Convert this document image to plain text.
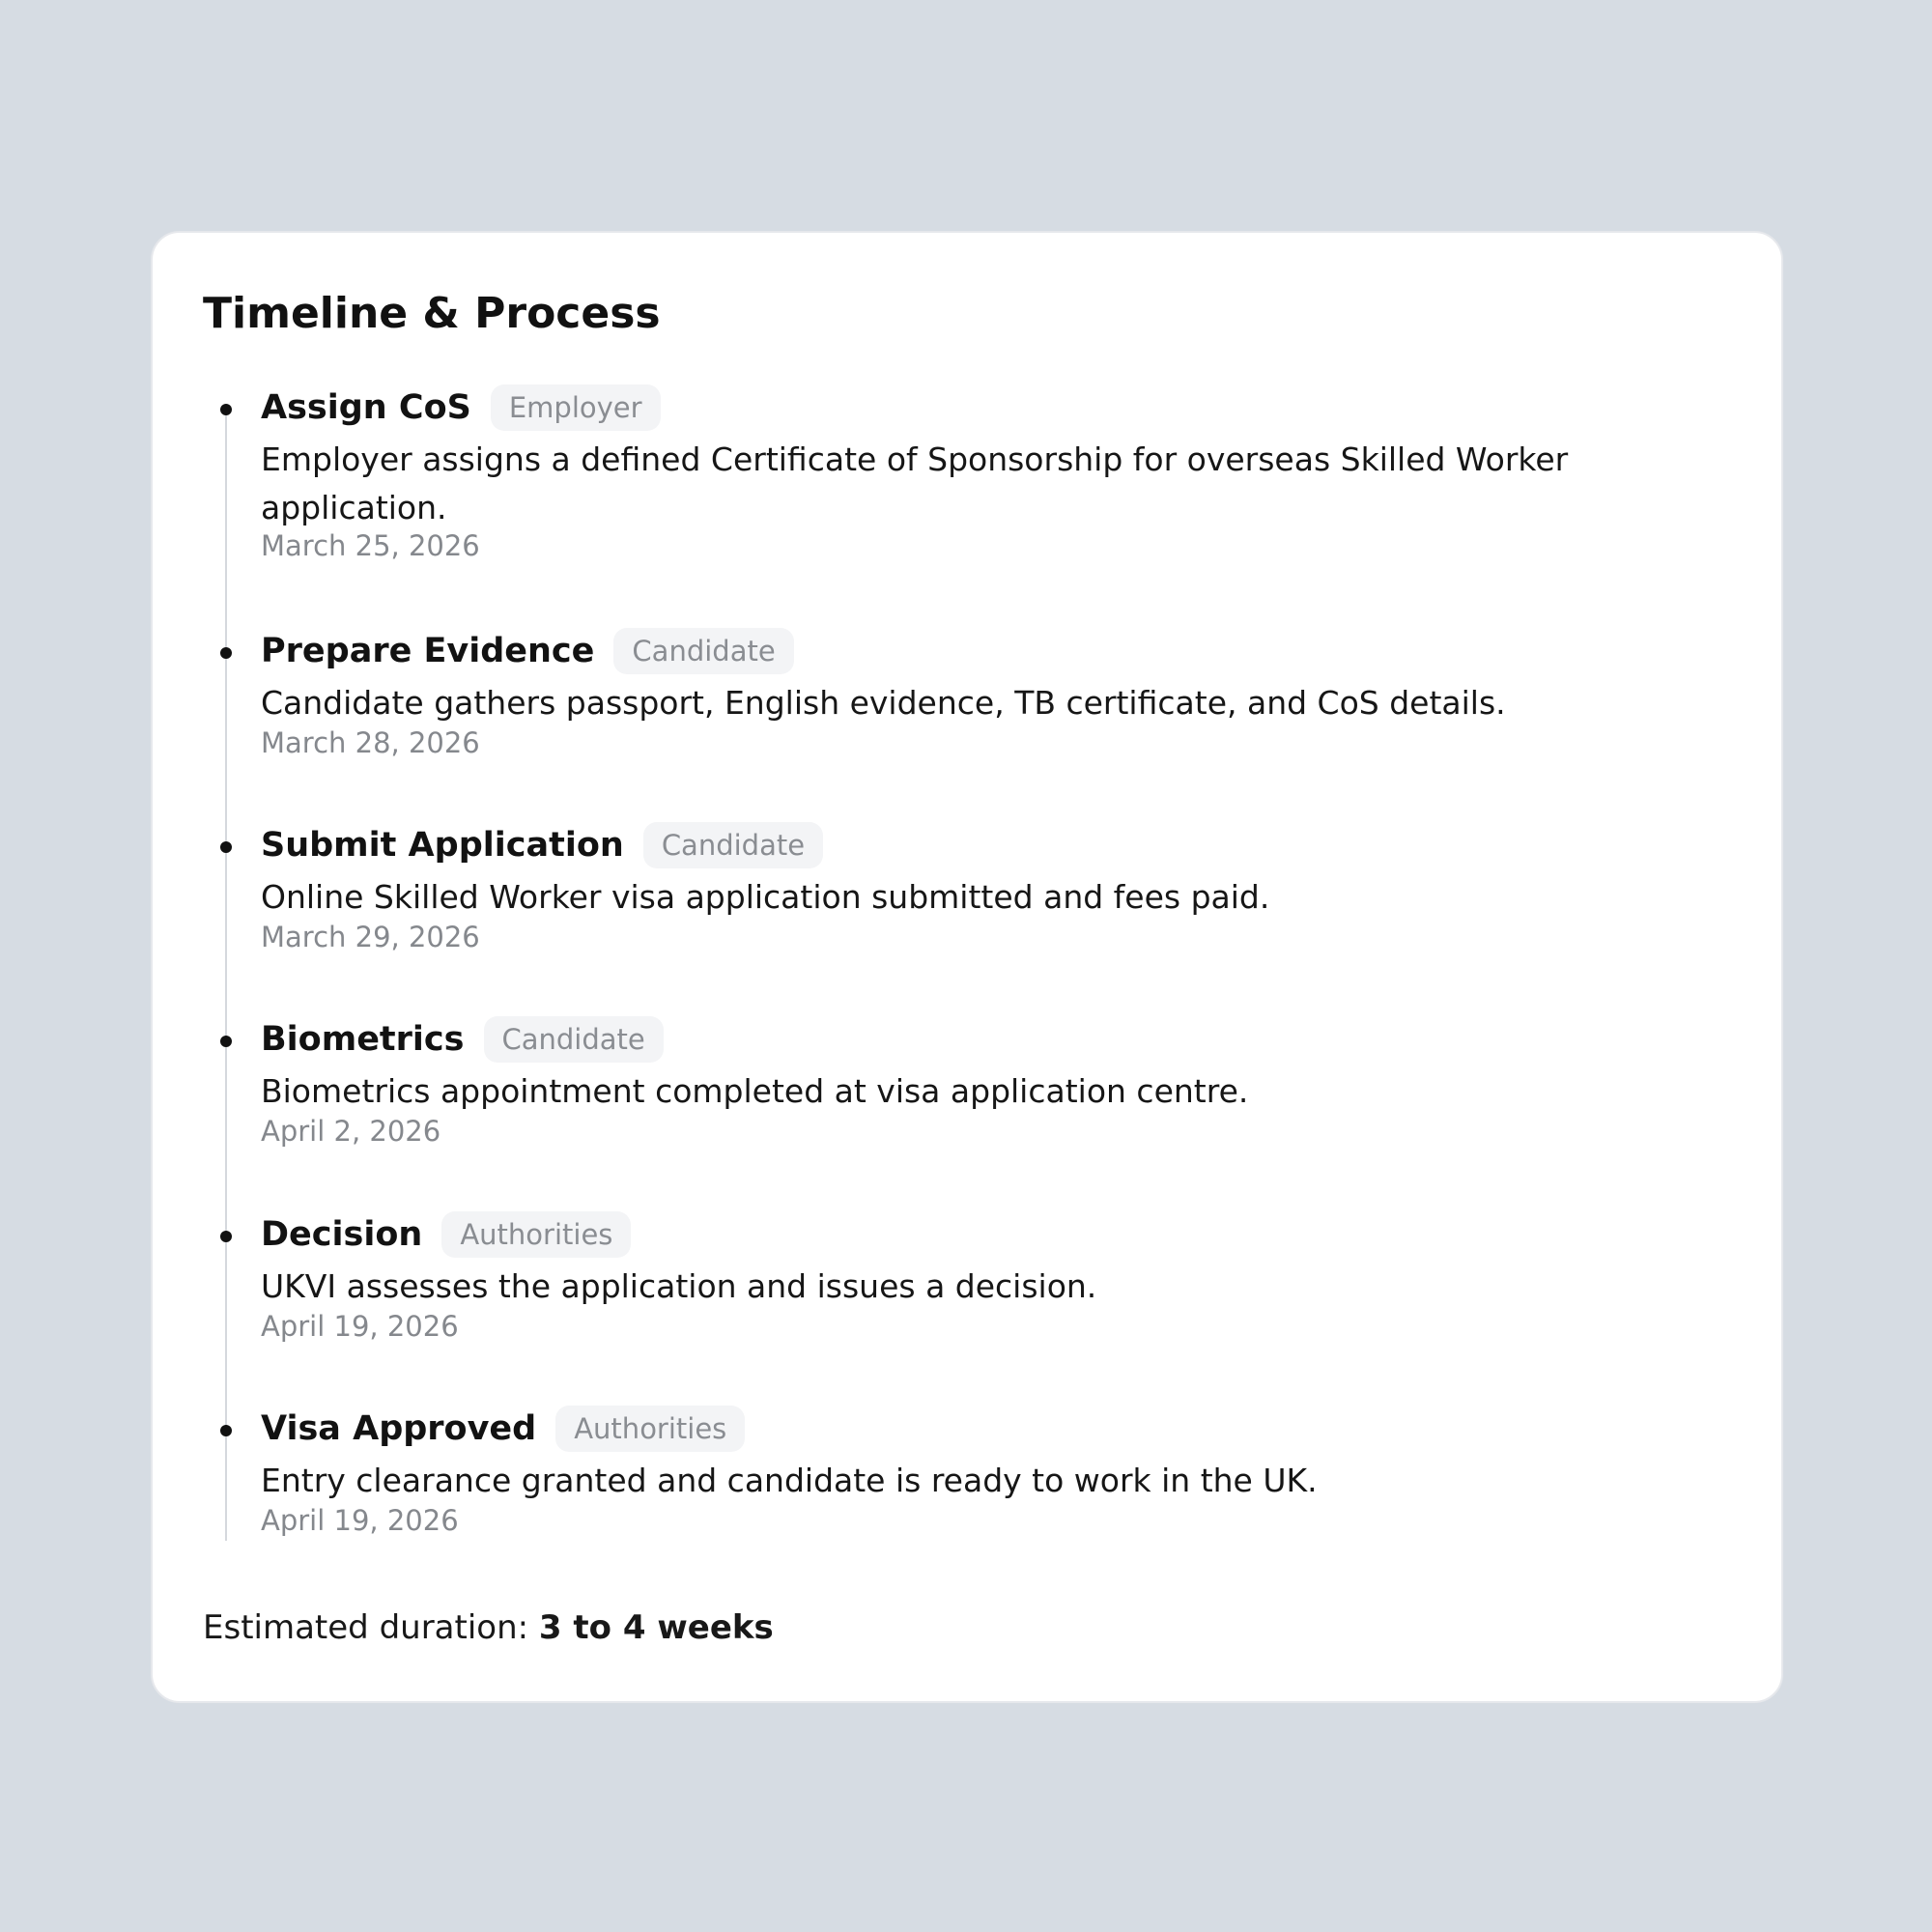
Timeline & Process
Assign CoS	Employer

Employer assigns a defined Certificate of Sponsorship for overseas Skilled Worker application.

March 25, 2026
Prepare Evidence	Candidate

Candidate gathers passport, English evidence, TB certificate, and CoS details.

March 28, 2026
Submit Application	Candidate

Online Skilled Worker visa application submitted and fees paid.

March 29, 2026
Biometrics	Candidate

Biometrics appointment completed at visa application centre.

April 2, 2026
Decision	Authorities

UKVI assesses the application and issues a decision.

April 19, 2026
Visa Approved	Authorities

Entry clearance granted and candidate is ready to work in the UK.

April 19, 2026
Estimated duration: 3 to 4 weeks
